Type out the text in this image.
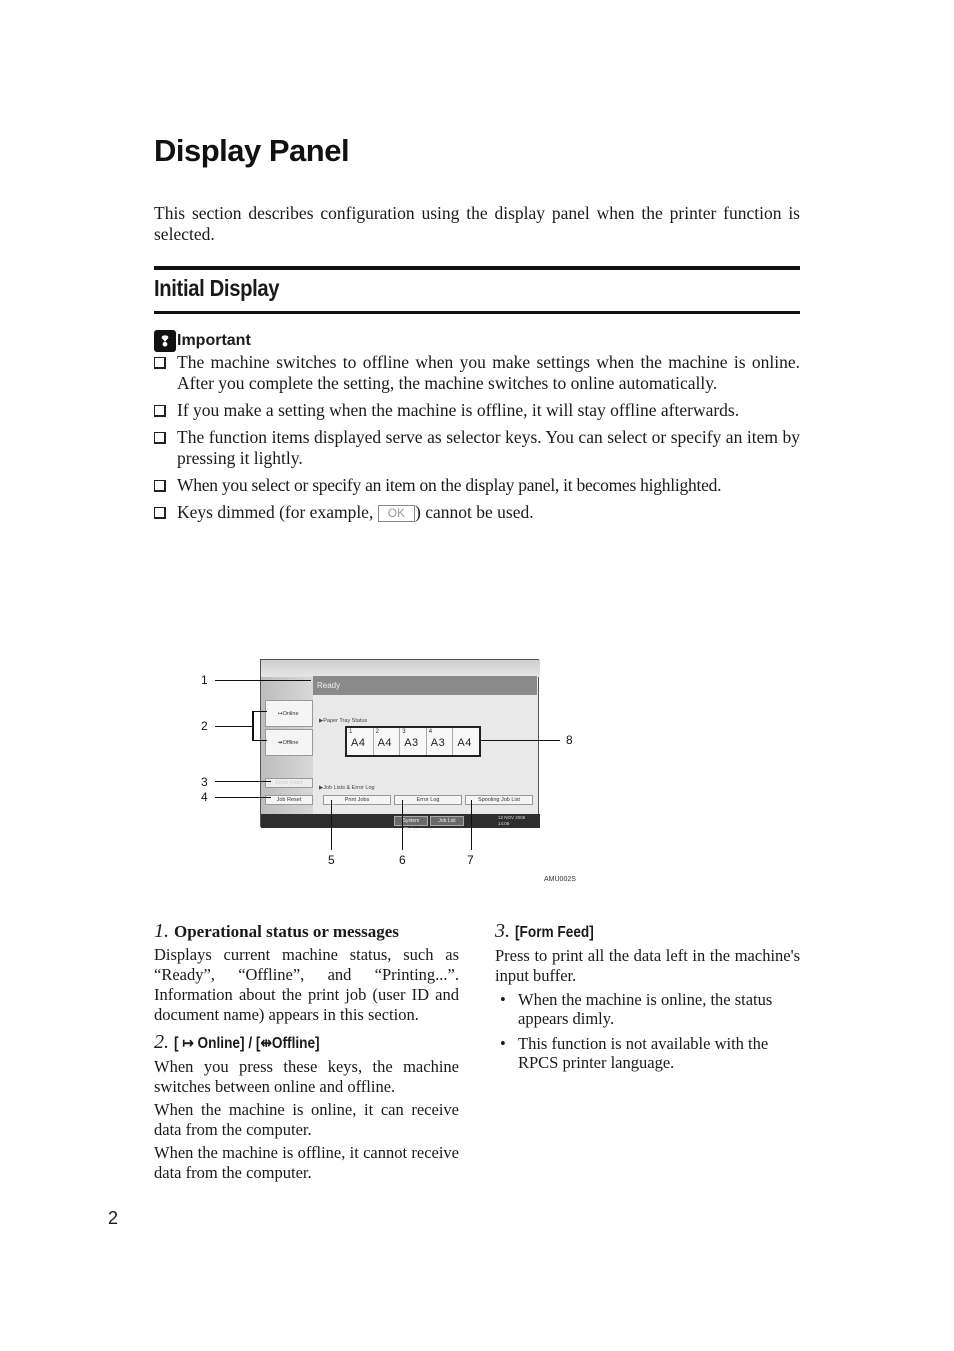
Display Panel
This section describes configuration using the display panel when the printer function is selected.
Initial Display
❢ Important
The machine switches to offline when you make settings when the machine is online. After you complete the setting, the machine switches to online automatically.
If you make a setting when the machine is offline, it will stay offline afterwards.
The function items displayed serve as selector keys. You can select or specify an item by pressing it lightly.
When you select or specify an item on the display panel, it becomes highlighted.
Keys dimmed (for example, OK ) cannot be used.
Ready
↦Online
⇹Offline
Form Feed
Job Reset
▶Paper Tray Status
1
A4
2
A4
3
A3
4
A3 A4
▶Job Lists & Error Log
Print Jobs	Error Log	Spooling Job List
System Status
Job List
12 NOV 2006
14:05
1
2
3
4
5	6	7
8
AMU002S
1. Operational status or messages

Displays current machine status, such as “Ready”, “Offline”, and “Printing...”. Information about the print job (user ID and document name) appears in this section.

2. [ ↦ Online] / [⇹Offline]

When you press these keys, the machine switches between online and offline.

When the machine is online, it can receive data from the computer.

When the machine is offline, it cannot receive data from the computer.

3. [Form Feed]

Press to print all the data left in the machine's input buffer.

• When the machine is online, the status appears dimly.
• This function is not available with the RPCS printer language.
2
